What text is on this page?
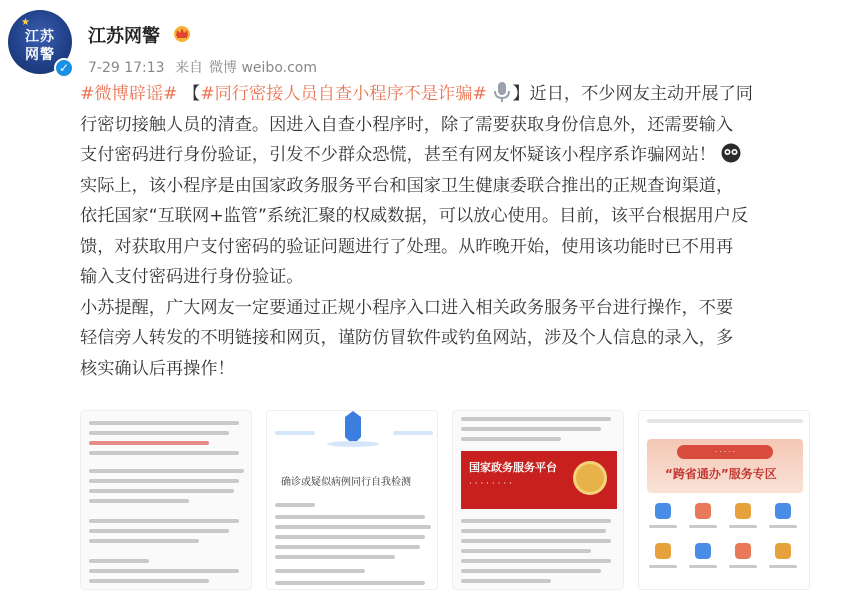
★
江苏
网警
✓
江苏网警
7-29 17:13 来自 微博 weibo.com
#微博辟谣# 【#同行密接人员自查小程序不是诈骗# 】近日，不少网友主动开展了同
行密切接触人员的清查。因进入自查小程序时，除了需要获取身份信息外，还需要输入
支付密码进行身份验证，引发不少群众恐慌，甚至有网友怀疑该小程序系诈骗网站！
实际上，该小程序是由国家政务服务平台和国家卫生健康委联合推出的正规查询渠道，
依托国家“互联网+监管”系统汇聚的权威数据，可以放心使用。目前，该平台根据用户反
馈，对获取用户支付密码的验证问题进行了处理。从昨晚开始，使用该功能时已不用再
输入支付密码进行身份验证。
小苏提醒，广大网友一定要通过正规小程序入口进入相关政务服务平台进行操作，不要
轻信旁人转发的不明链接和网页，谨防仿冒软件或钓鱼网站，涉及个人信息的录入，多
核实确认后再操作！
确诊或疑似病例同行自我检测
国家政务服务平台
· · · · · · · ·
· · · · ·
“跨省通办”服务专区
